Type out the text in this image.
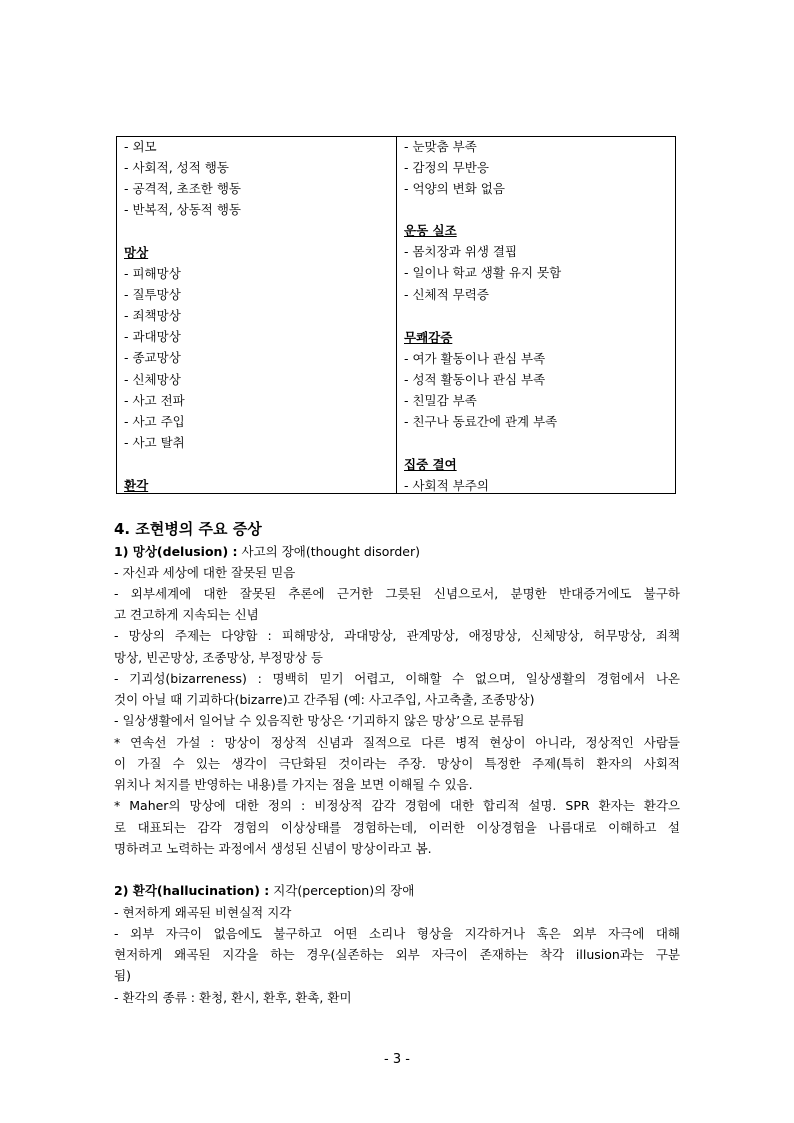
- 외모
- 사회적, 성적 행동
- 공격적, 초조한 행동
- 반복적, 상동적 행동
망상
- 피해망상
- 질투망상
- 죄책망상
- 과대망상
- 종교망상
- 신체망상
- 사고 전파
- 사고 주입
- 사고 탈취
환각
- 눈맞춤 부족
- 감정의 무반응
- 억양의 변화 없음
운동 실조
- 몸치장과 위생 결핍
- 일이나 학교 생활 유지 못함
- 신체적 무력증
무쾌감증
- 여가 활동이나 관심 부족
- 성적 활동이나 관심 부족
- 친밀감 부족
- 친구나 동료간에 관계 부족
집중 결여
- 사회적 부주의
4. 조현병의 주요 증상
1) 망상(delusion) : 사고의 장애(thought disorder)
- 자신과 세상에 대한 잘못된 믿음
- 외부세계에 대한 잘못된 추론에 근거한 그릇된 신념으로서, 분명한 반대증거에도 불구하
고 견고하게 지속되는 신념
- 망상의 주제는 다양함 : 피해망상, 과대망상, 관계망상, 애정망상, 신체망상, 허무망상, 죄책
망상, 빈곤망상, 조종망상, 부정망상 등
- 기괴성(bizarreness) : 명백히 믿기 어렵고, 이해할 수 없으며, 일상생활의 경험에서 나온
것이 아닐 때 기괴하다(bizarre)고 간주됨 (예: 사고주입, 사고축출, 조종망상)
- 일상생활에서 일어날 수 있음직한 망상은 ‘기괴하지 않은 망상’으로 분류됨
* 연속선 가설 : 망상이 정상적 신념과 질적으로 다른 병적 현상이 아니라, 정상적인 사람들
이 가질 수 있는 생각이 극단화된 것이라는 주장. 망상이 특정한 주제(특히 환자의 사회적
위치나 처지를 반영하는 내용)를 가지는 점을 보면 이해될 수 있음.
* Maher의 망상에 대한 정의 : 비정상적 감각 경험에 대한 합리적 설명. SPR 환자는 환각으
로 대표되는 감각 경험의 이상상태를 경험하는데, 이러한 이상경험을 나름대로 이해하고 설
명하려고 노력하는 과정에서 생성된 신념이 망상이라고 봄.
2) 환각(hallucination) : 지각(perception)의 장애
- 현저하게 왜곡된 비현실적 지각
- 외부 자극이 없음에도 불구하고 어떤 소리나 형상을 지각하거나 혹은 외부 자극에 대해
현저하게 왜곡된 지각을 하는 경우(실존하는 외부 자극이 존재하는 착각 illusion과는 구분
됨)
- 환각의 종류 : 환청, 환시, 환후, 환촉, 환미
- 3 -
